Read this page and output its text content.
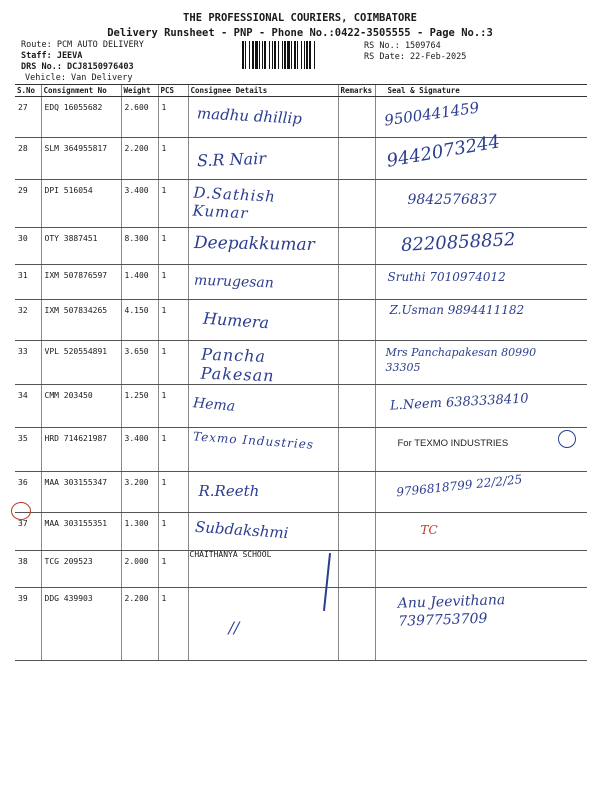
THE PROFESSIONAL COURIERS, COIMBATORE
Delivery Runsheet - PNP - Phone No.:0422-3505555 - Page No.:3
Route: PCM AUTO DELIVERY
Staff: JEEVA
DRS No.: DCJ8150976403
Vehicle: Van Delivery
RS No.: 1509764
RS Date: 22-Feb-2025
S.No	Consignment No	Weight	PCS	Consignee Details	Remarks	Seal & Signature
27	EDQ 16055682	2.600	1	madhu dhillip		9500441459

28	SLM 364955817	2.200	1	S.R Nair		9442073244

29	DPI 516054	3.400	1	D.Sathish Kumar		9842576837

30	OTY 3887451	8.300	1	Deepakkumar		8220858852

31	IXM 507876597	1.400	1	murugesan		Sruthi 7010974012

32	IXM 507834265	4.150	1	Humera		Z.Usman 9894411182

33	VPL 520554891	3.650	1	Pancha Pakesan		Mrs Panchapakesan 80990 33305

34	CMM 203450	1.250	1	Hema		L.Neem 6383338410

35	HRD 714621987	3.400	1	Texmo Industries		For TEXMO INDUSTRIES

36	MAA 303155347	3.200	1	R.Reeth		9796818799 22/2/25

37	MAA 303155351	1.300	1	Subdakshmi		TC

38	TCG 209523	2.000	1	CHAITHANYA SCHOOL		

39	DDG 439903	2.200	1	//		Anu Jeevithana 7397753709
